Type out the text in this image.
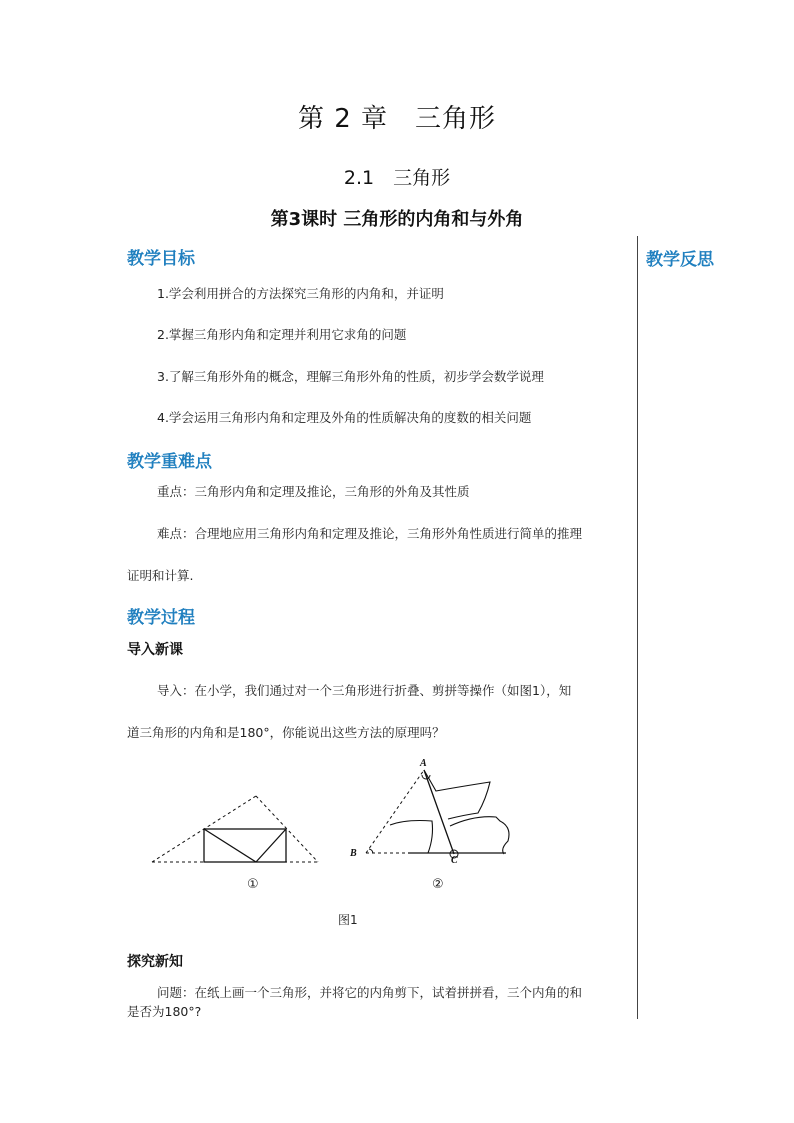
第 2 章　三角形
2.1　三角形
第3课时 三角形的内角和与外角
教学反思
教学目标
1.学会利用拼合的方法探究三角形的内角和，并证明
2.掌握三角形内角和定理并利用它求角的问题
3.了解三角形外角的概念，理解三角形外角的性质，初步学会数学说理
4.学会运用三角形内角和定理及外角的性质解决角的度数的相关问题
教学重难点
重点：三角形内角和定理及推论，三角形的外角及其性质
难点：合理地应用三角形内角和定理及推论，三角形外角性质进行简单的推理
证明和计算.
教学过程
导入新课
导入：在小学，我们通过对一个三角形进行折叠、剪拼等操作（如图1），知
道三角形的内角和是180°，你能说出这些方法的原理吗？
A
B
C
①	②
图1
探究新知
问题：在纸上画一个三角形，并将它的内角剪下，试着拼拼看，三个内角的和
是否为180°?
